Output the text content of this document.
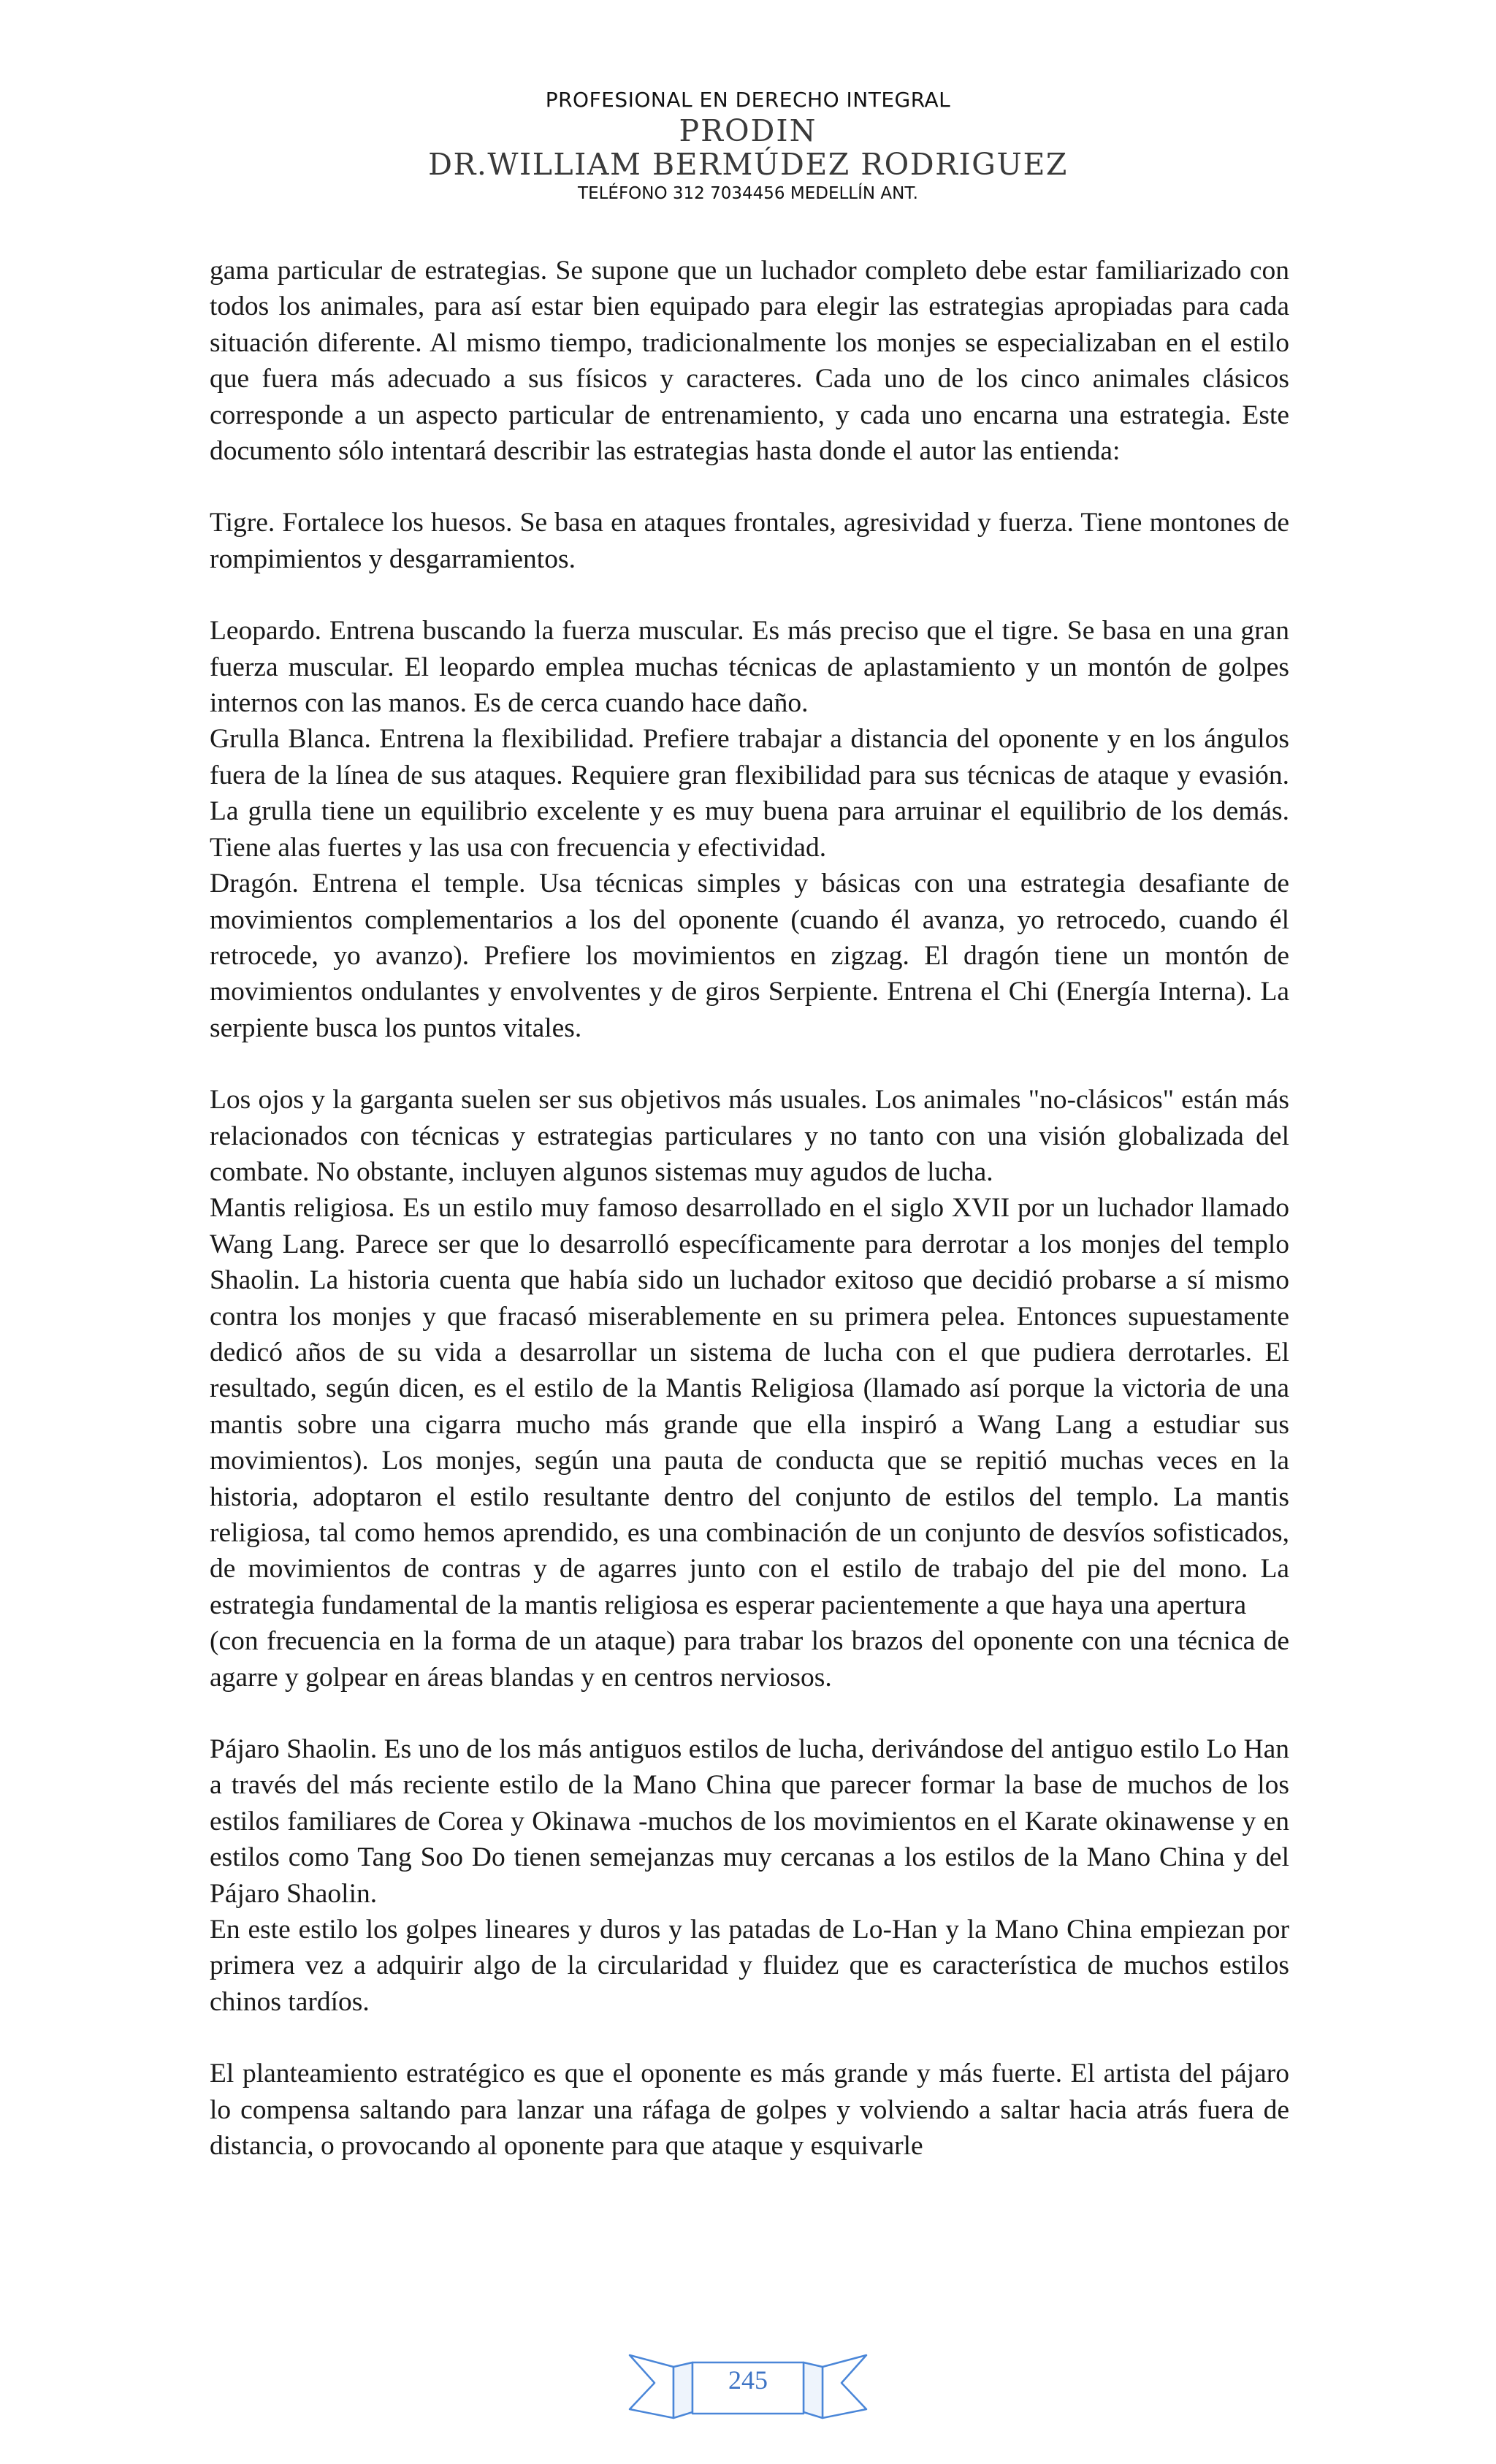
PROFESIONAL EN DERECHO INTEGRAL
PRODIN
DR.WILLIAM BERMÚDEZ RODRIGUEZ
TELÉFONO 312 7034456 MEDELLÍN ANT.

gama particular de estrategias. Se supone que un luchador completo debe estar familiarizado con todos los animales, para así estar bien equipado para elegir las estrategias apropiadas para cada situación diferente. Al mismo tiempo, tradicionalmente los monjes se especializaban en el estilo que fuera más adecuado a sus físicos y caracteres. Cada uno de los cinco animales clásicos corresponde a un aspecto particular de entrenamiento, y cada uno encarna una estrategia. Este documento sólo intentará describir las estrategias hasta donde el autor las entienda:

Tigre. Fortalece los huesos. Se basa en ataques frontales, agresividad y fuerza. Tiene montones de rompimientos y desgarramientos.

Leopardo. Entrena buscando la fuerza muscular. Es más preciso que el tigre. Se basa en una gran fuerza muscular. El leopardo emplea muchas técnicas de aplastamiento y un montón de golpes internos con las manos. Es de cerca cuando hace daño.

Grulla Blanca. Entrena la flexibilidad. Prefiere trabajar a distancia del oponente y en los ángulos fuera de la línea de sus ataques. Requiere gran flexibilidad para sus técnicas de ataque y evasión. La grulla tiene un equilibrio excelente y es muy buena para arruinar el equilibrio de los demás. Tiene alas fuertes y las usa con frecuencia y efectividad.

Dragón. Entrena el temple. Usa técnicas simples y básicas con una estrategia desafiante de movimientos complementarios a los del oponente (cuando él avanza, yo retrocedo, cuando él retrocede, yo avanzo). Prefiere los movimientos en zigzag. El dragón tiene un montón de movimientos ondulantes y envolventes y de giros Serpiente. Entrena el Chi (Energía Interna). La serpiente busca los puntos vitales.

Los ojos y la garganta suelen ser sus objetivos más usuales. Los animales "no-clásicos" están más relacionados con técnicas y estrategias particulares y no tanto con una visión globalizada del combate. No obstante, incluyen algunos sistemas muy agudos de lucha.

Mantis religiosa. Es un estilo muy famoso desarrollado en el siglo XVII por un luchador llamado Wang Lang. Parece ser que lo desarrolló específicamente para derrotar a los monjes del templo Shaolin. La historia cuenta que había sido un luchador exitoso que decidió probarse a sí mismo contra los monjes y que fracasó miserablemente en su primera pelea. Entonces supuestamente dedicó años de su vida a desarrollar un sistema de lucha con el que pudiera derrotarles. El resultado, según dicen, es el estilo de la Mantis Religiosa (llamado así porque la victoria de una mantis sobre una cigarra mucho más grande que ella inspiró a Wang Lang a estudiar sus movimientos). Los monjes, según una pauta de conducta que se repitió muchas veces en la historia, adoptaron el estilo resultante dentro del conjunto de estilos del templo. La mantis religiosa, tal como hemos aprendido, es una combinación de un conjunto de desvíos sofisticados, de movimientos de contras y de agarres junto con el estilo de trabajo del pie del mono. La estrategia fundamental de la mantis religiosa es esperar pacientemente a que haya una apertura

(con frecuencia en la forma de un ataque) para trabar los brazos del oponente con una técnica de agarre y golpear en áreas blandas y en centros nerviosos.

Pájaro Shaolin. Es uno de los más antiguos estilos de lucha, derivándose del antiguo estilo Lo Han a través del más reciente estilo de la Mano China que parecer formar la base de muchos de los estilos familiares de Corea y Okinawa -muchos de los movimientos en el Karate okinawense y en estilos como Tang Soo Do tienen semejanzas muy cercanas a los estilos de la Mano China y del Pájaro Shaolin.

En este estilo los golpes lineares y duros y las patadas de Lo-Han y la Mano China empiezan por primera vez a adquirir algo de la circularidad y fluidez que es característica de muchos estilos chinos tardíos.

El planteamiento estratégico es que el oponente es más grande y más fuerte. El artista del pájaro lo compensa saltando para lanzar una ráfaga de golpes y volviendo a saltar hacia atrás fuera de distancia, o provocando al oponente para que ataque y esquivarle

245
